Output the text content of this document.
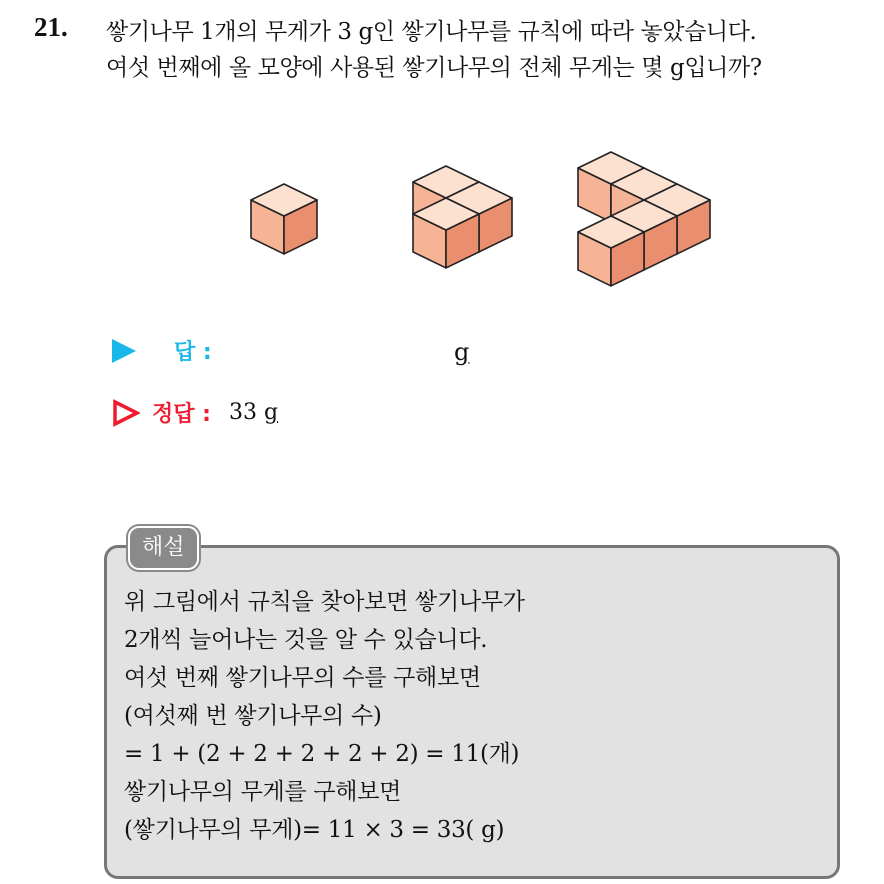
21. 쌓기나무 1개의 무게가 3 g인 쌓기나무를 규칙에 따라 놓았습니다.
여섯 번째에 올 모양에 사용된 쌓기나무의 전체 무게는 몇 g입니까?
답 :	g
정답 : 33 g
해설
위 그림에서 규칙을 찾아보면 쌓기나무가
2개씩 늘어나는 것을 알 수 있습니다.
여섯 번째 쌓기나무의 수를 구해보면
(여섯째 번 쌓기나무의 수)
= 1 + (2 + 2 + 2 + 2 + 2) = 11(개)
쌓기나무의 무게를 구해보면
(쌓기나무의 무게)= 11 × 3 = 33( g)
